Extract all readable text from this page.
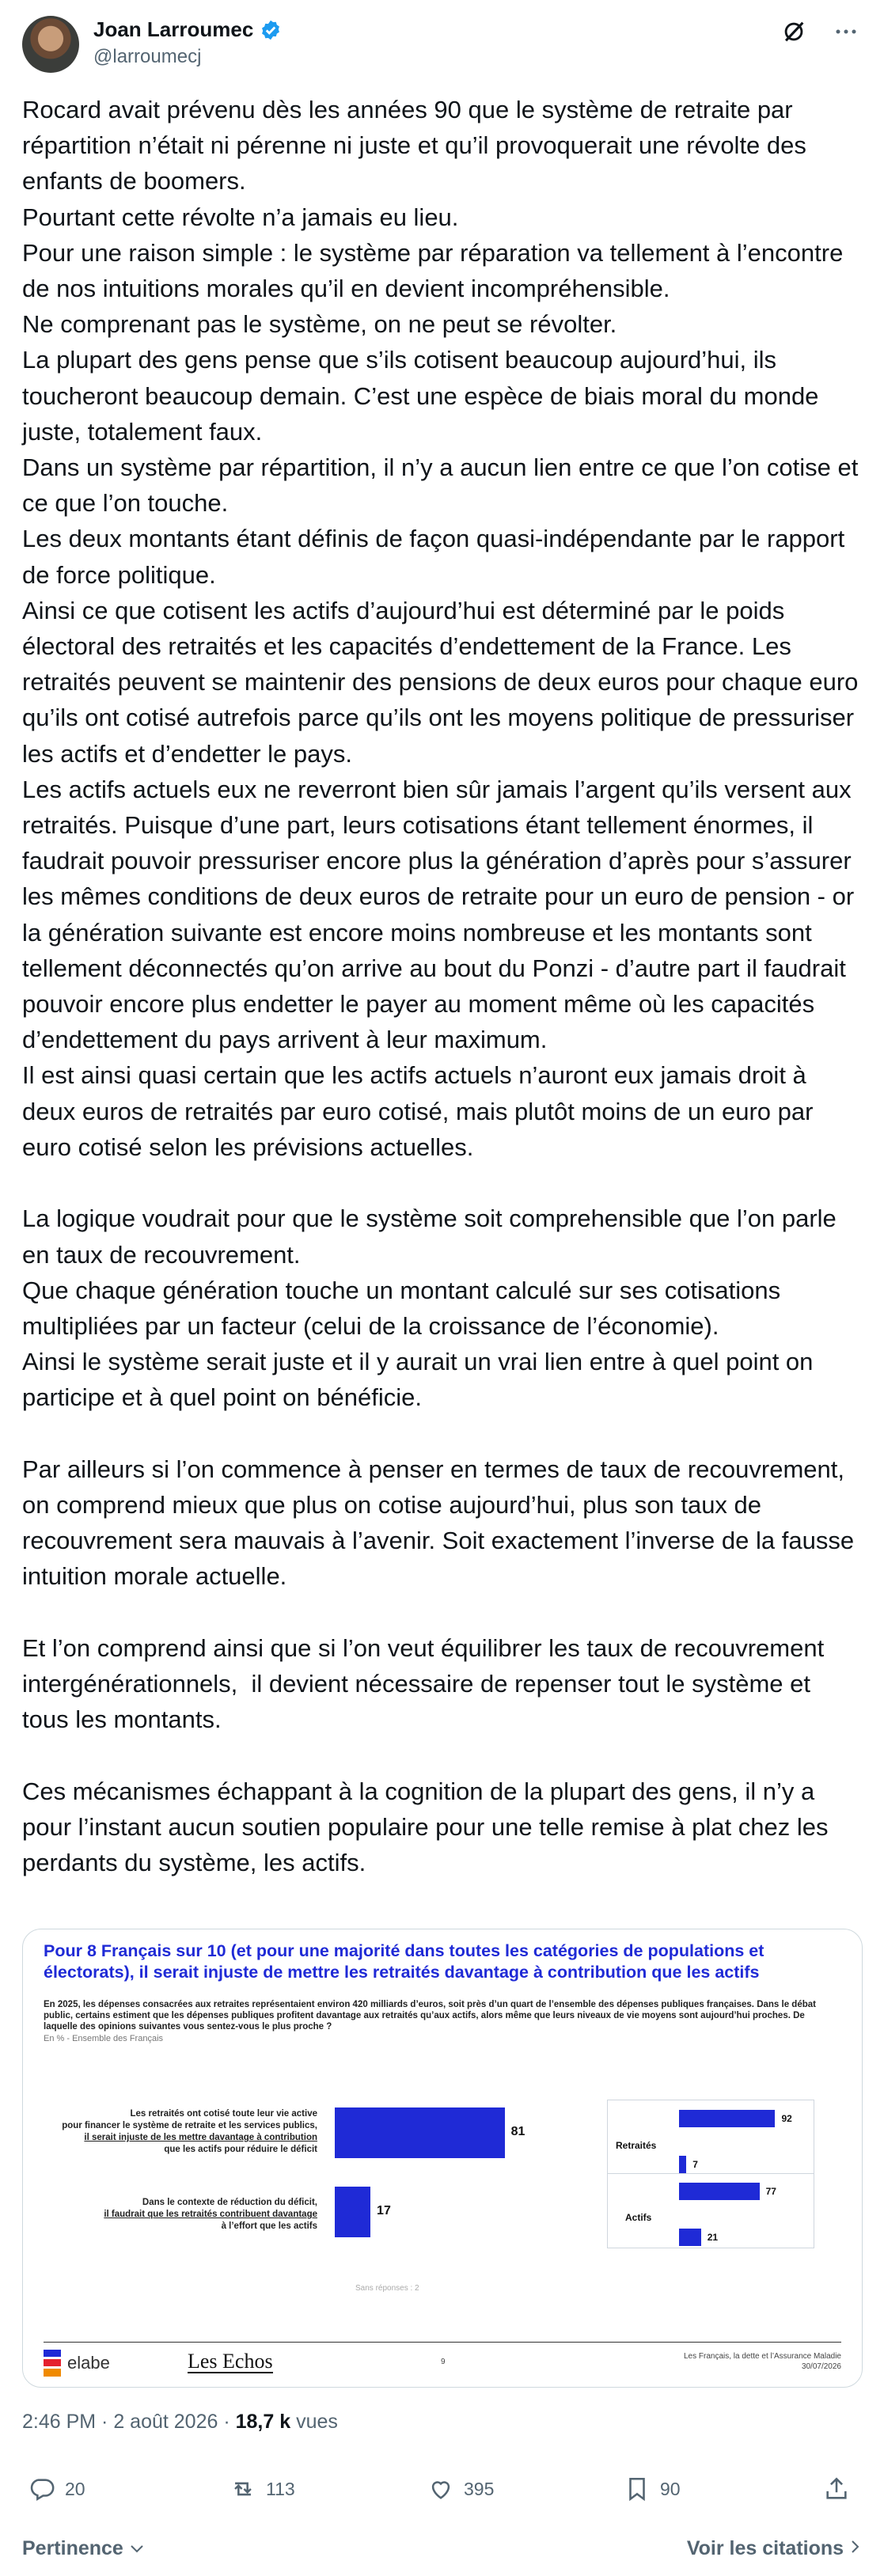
Joan Larroumec
@larroumecj
Rocard avait prévenu dès les années 90 que le système de retraite par répartition n’était ni pérenne ni juste et qu’il provoquerait une révolte des enfants de boomers.
Pourtant cette révolte n’a jamais eu lieu.
Pour une raison simple : le système par réparation va tellement à l’encontre de nos intuitions morales qu’il en devient incompréhensible.
Ne comprenant pas le système, on ne peut se révolter.
La plupart des gens pense que s’ils cotisent beaucoup aujourd’hui, ils toucheront beaucoup demain. C’est une espèce de biais moral du monde juste, totalement faux.
Dans un système par répartition, il n’y a aucun lien entre ce que l’on cotise et ce que l’on touche.
Les deux montants étant définis de façon quasi-indépendante par le rapport de force politique.
Ainsi ce que cotisent les actifs d’aujourd’hui est déterminé par le poids électoral des retraités et les capacités d’endettement de la France. Les retraités peuvent se maintenir des pensions de deux euros pour chaque euro qu’ils ont cotisé autrefois parce qu’ils ont les moyens politique de pressuriser les actifs et d’endetter le pays.
Les actifs actuels eux ne reverront bien sûr jamais l’argent qu’ils versent aux retraités. Puisque d’une part, leurs cotisations étant tellement énormes, il faudrait pouvoir pressuriser encore plus la génération d’après pour s’assurer les mêmes conditions de deux euros de retraite pour un euro de pension - or la génération suivante est encore moins nombreuse et les montants sont tellement déconnectés qu’on arrive au bout du Ponzi - d’autre part il faudrait pouvoir encore plus endetter le payer au moment même où les capacités d’endettement du pays arrivent à leur maximum.
Il est ainsi quasi certain que les actifs actuels n’auront eux jamais droit à deux euros de retraités par euro cotisé, mais plutôt moins de un euro par euro cotisé selon les prévisions actuelles.

La logique voudrait pour que le système soit comprehensible que l’on parle en taux de recouvrement.
Que chaque génération touche un montant calculé sur ses cotisations multipliées par un facteur (celui de la croissance de l’économie).
Ainsi le système serait juste et il y aurait un vrai lien entre à quel point on participe et à quel point on bénéficie.

Par ailleurs si l’on commence à penser en termes de taux de recouvrement, on comprend mieux que plus on cotise aujourd’hui, plus son taux de recouvrement sera mauvais à l’avenir. Soit exactement l’inverse de la fausse intuition morale actuelle.

Et l’on comprend ainsi que si l’on veut équilibrer les taux de recouvrement intergénérationnels,  il devient nécessaire de repenser tout le système et tous les montants.

Ces mécanismes échappant à la cognition de la plupart des gens, il n’y a pour l’instant aucun soutien populaire pour une telle remise à plat chez les perdants du système, les actifs.
Pour 8 Français sur 10 (et pour une majorité dans toutes les catégories de populations et électorats), il serait injuste de mettre les retraités davantage à contribution que les actifs
En 2025, les dépenses consacrées aux retraites représentaient environ 420 milliards d’euros, soit près d’un quart de l’ensemble des dépenses publiques françaises. Dans le débat public, certains estiment que les dépenses publiques profitent davantage aux retraités qu’aux actifs, alors même que leurs niveaux de vie moyens sont aujourd’hui proches. De laquelle des opinions suivantes vous sentez-vous le plus proche ?
En % - Ensemble des Français
Les retraités ont cotisé toute leur vie active
pour financer le système de retraite et les services publics,
il serait injuste de les mettre davantage à contribution
que les actifs pour réduire le déficit
81
Dans le contexte de réduction du déficit,
il faudrait que les retraités contribuent davantage
à l’effort que les actifs
17
Sans réponses : 2
Retraités
Actifs
92
7
77
21
elabe	Les Echos	9
Les Français, la dette et l’Assurance Maladie
30/07/2026
2:46 PM · 2 août 2026 · 18,7 k vues
20	113	395	90
Pertinence	Voir les citations
